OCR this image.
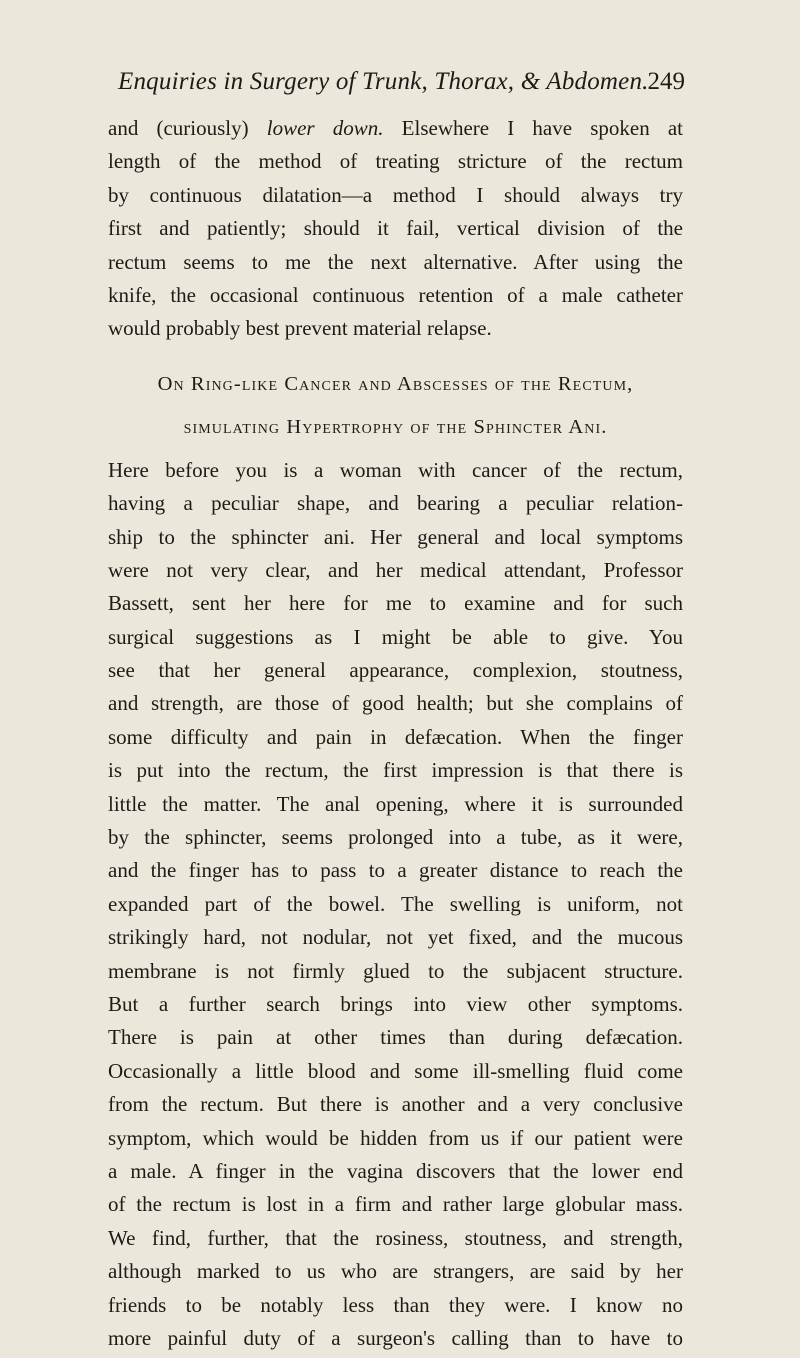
Enquiries in Surgery of Trunk, Thorax, & Abdomen.
249
and (curiously) lower down. Elsewhere I have spoken at
length of the method of treating stricture of the rectum
by continuous dilatation—a method I should always try
first and patiently; should it fail, vertical division of the
rectum seems to me the next alternative. After using the
knife, the occasional continuous retention of a male catheter
would probably best prevent material relapse.
On Ring-like Cancer and Abscesses of the Rectum,
simulating Hypertrophy of the Sphincter Ani.
Here before you is a woman with cancer of the rectum,
having a peculiar shape, and bearing a peculiar relation-
ship to the sphincter ani. Her general and local symptoms
were not very clear, and her medical attendant, Professor
Bassett, sent her here for me to examine and for such
surgical suggestions as I might be able to give. You
see that her general appearance, complexion, stoutness,
and strength, are those of good health; but she complains of
some difficulty and pain in defæcation. When the finger
is put into the rectum, the first impression is that there is
little the matter. The anal opening, where it is surrounded
by the sphincter, seems prolonged into a tube, as it were,
and the finger has to pass to a greater distance to reach the
expanded part of the bowel. The swelling is uniform, not
strikingly hard, not nodular, not yet fixed, and the mucous
membrane is not firmly glued to the subjacent structure.
But a further search brings into view other symptoms.
There is pain at other times than during defæcation.
Occasionally a little blood and some ill-smelling fluid come
from the rectum. But there is another and a very conclusive
symptom, which would be hidden from us if our patient were
a male. A finger in the vagina discovers that the lower end
of the rectum is lost in a firm and rather large globular mass.
We find, further, that the rosiness, stoutness, and strength,
although marked to us who are strangers, are said by her
friends to be notably less than they were. I know no
more painful duty of a surgeon's calling than to have to
